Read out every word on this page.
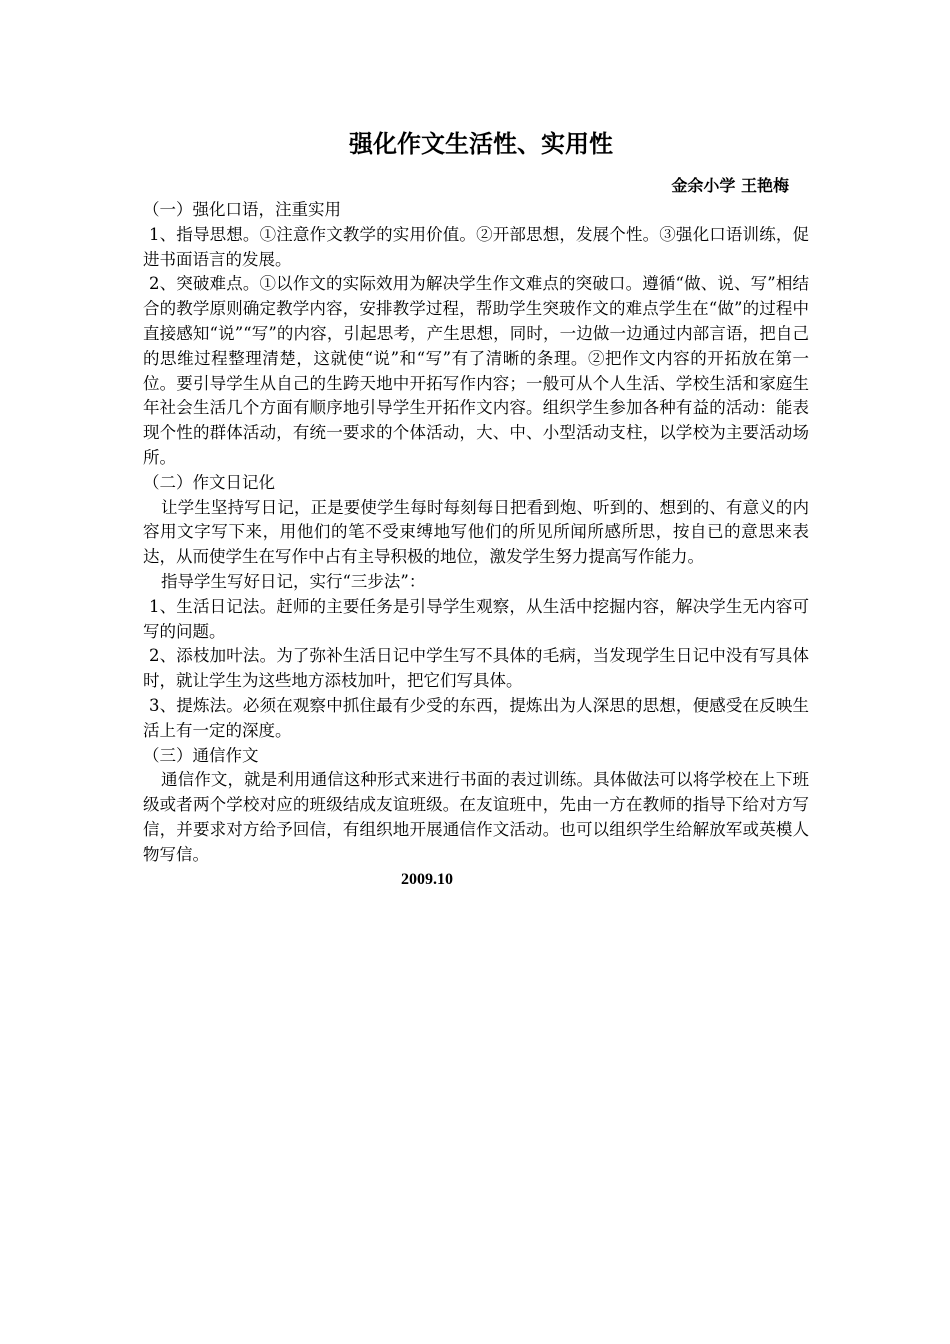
强化作文生活性、实用性
金余小学 王艳梅

（一）强化口语，注重实用

1、指导思想。①注意作文教学的实用价值。②开部思想，发展个性。③强化口语训练，促进书面语言的发展。

2、突破难点。①以作文的实际效用为解决学生作文难点的突破口。遵循“做、说、写”相结合的教学原则确定教学内容，安排教学过程，帮助学生突玻作文的难点学生在“做”的过程中直接感知“说”“写”的内容，引起思考，产生思想，同时，一边做一边通过内部言语，把自己的思维过程整理清楚，这就使“说”和“写”有了清晰的条理。②把作文内容的开拓放在第一位。要引导学生从自己的生跨天地中开拓写作内容；一般可从个人生活、学校生活和家庭生年社会生活几个方面有顺序地引导学生开拓作文内容。组织学生参加各种有益的活动：能表现个性的群体活动，有统一要求的个体活动，大、中、小型活动支柱，以学校为主要活动场所。

（二）作文日记化

让学生坚持写日记，正是要使学生每时每刻每日把看到炮、听到的、想到的、有意义的内容用文字写下来，用他们的笔不受束缚地写他们的所见所闻所感所思，按自已的意思来表达，从而使学生在写作中占有主导积极的地位，激发学生努力提高写作能力。

指导学生写好日记，实行“三步法”：

1、生活日记法。赶师的主要任务是引导学生观察，从生活中挖掘内容，解决学生无内容可写的问题。

2、添枝加叶法。为了弥补生活日记中学生写不具体的毛病，当发现学生日记中没有写具体时，就让学生为这些地方添枝加叶，把它们写具体。

3、提炼法。必须在观察中抓住最有少受的东西，提炼出为人深思的思想，便感受在反映生活上有一定的深度。

（三）通信作文

通信作文，就是利用通信这种形式来进行书面的表过训练。具体做法可以将学校在上下班级或者两个学校对应的班级结成友谊班级。在友谊班中，先由一方在教师的指导下给对方写信，并要求对方给予回信，有组织地开展通信作文活动。也可以组织学生给解放军或英模人物写信。

2009.10
